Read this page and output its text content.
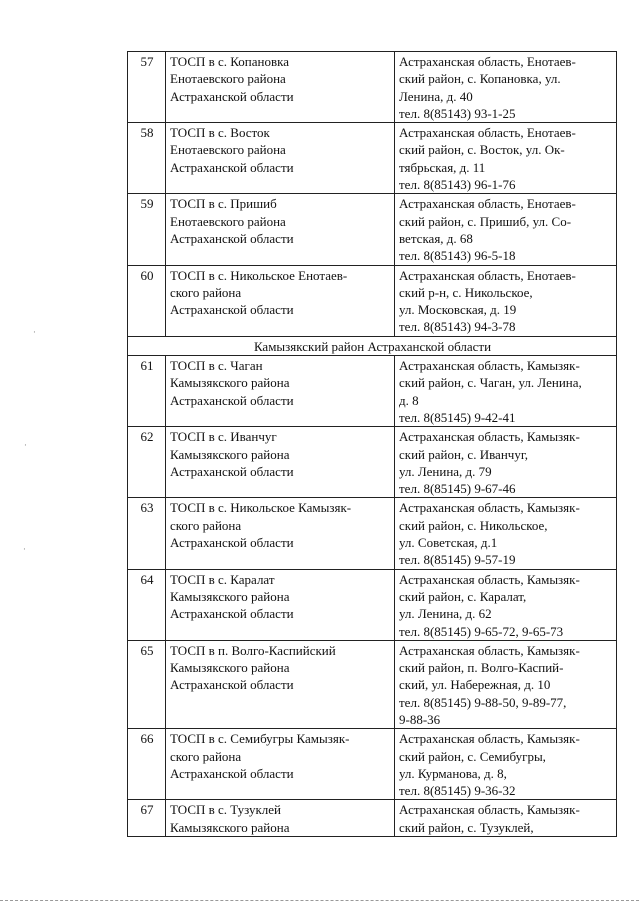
57	ТОСП в с. Копановка
Енотаевского района
Астраханской области	Астраханская область, Енотаев-
ский район, с. Копановка, ул.
Ленина, д. 40
тел. 8(85143) 93-1-25
58	ТОСП в с. Восток
Енотаевского района
Астраханской области	Астраханская область, Енотаев-
ский район, с. Восток, ул. Ок-
тябрьская, д. 11
тел. 8(85143) 96-1-76
59	ТОСП в с. Пришиб
Енотаевского района
Астраханской области	Астраханская область, Енотаев-
ский район, с. Пришиб, ул. Со-
ветская, д. 68
тел. 8(85143) 96-5-18
60	ТОСП в с. Никольское Енотаев-
ского района
Астраханской области	Астраханская область, Енотаев-
ский р-н, с. Никольское,
ул. Московская, д. 19
тел. 8(85143) 94-3-78
Камызякский район Астраханской области		
61	ТОСП в с. Чаган
Камызякского района
Астраханской области	Астраханская область, Камызяк-
ский район, с. Чаган, ул. Ленина,
д. 8
тел. 8(85145) 9-42-41
62	ТОСП в с. Иванчуг
Камызякского района
Астраханской области	Астраханская область, Камызяк-
ский район, с. Иванчуг,
ул. Ленина, д. 79
тел. 8(85145) 9-67-46
63	ТОСП в с. Никольское Камызяк-
ского района
Астраханской области	Астраханская область, Камызяк-
ский район, с. Никольское,
ул. Советская, д.1
тел. 8(85145) 9-57-19
64	ТОСП в с. Каралат
Камызякского района
Астраханской области	Астраханская область, Камызяк-
ский район, с. Каралат,
ул. Ленина, д. 62
тел. 8(85145) 9-65-72, 9-65-73
65	ТОСП в п. Волго-Каспийский
Камызякского района
Астраханской области	Астраханская область, Камызяк-
ский район, п. Волго-Каспий-
ский, ул. Набережная, д. 10
тел. 8(85145) 9-88-50, 9-89-77,
9-88-36
66	ТОСП в с. Семибугры Камызяк-
ского района
Астраханской области	Астраханская область, Камызяк-
ский район, с. Семибугры,
ул. Курманова, д. 8,
тел. 8(85145) 9-36-32
67	ТОСП в с. Тузуклей
Камызякского района	Астраханская область, Камызяк-
ский район, с. Тузуклей,
·
·
·
